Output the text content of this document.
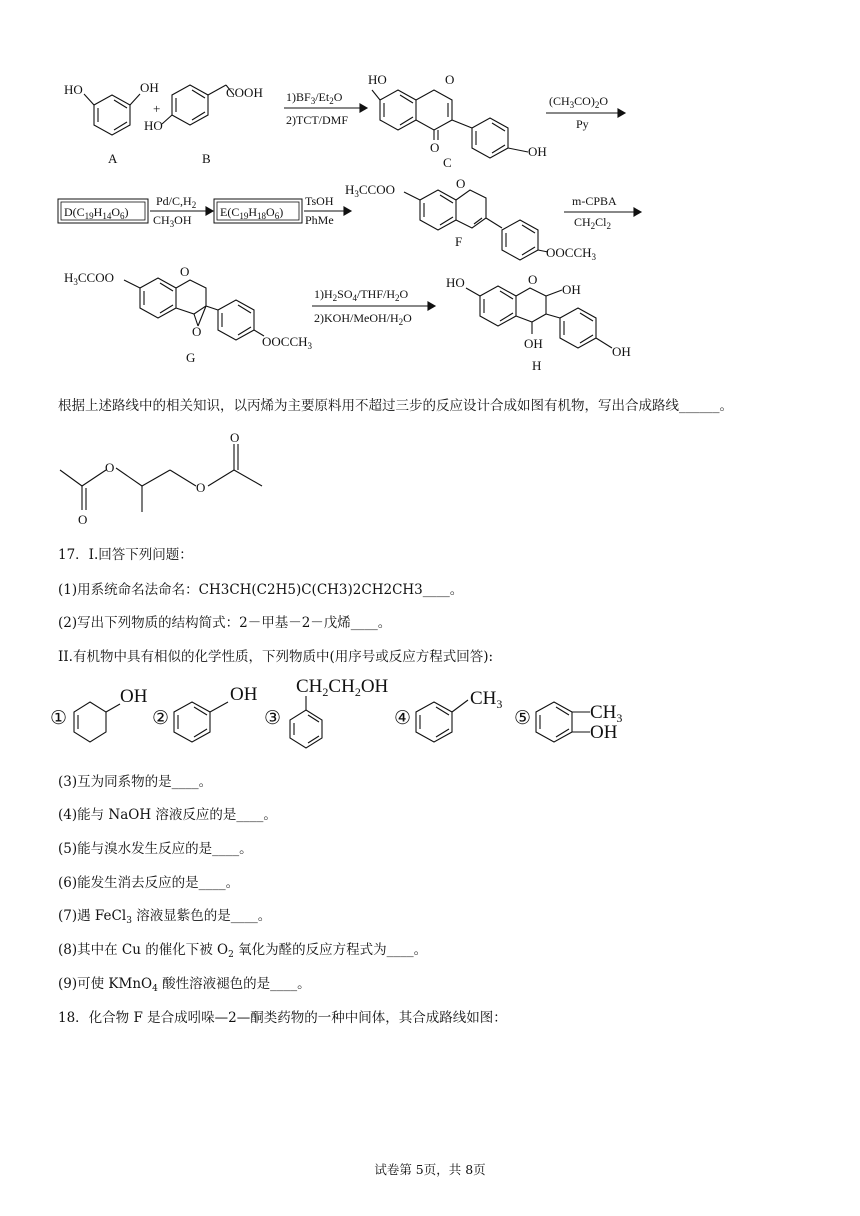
HO	OH
A
+
COOH
HO
B
$1)BF_3/Et_2O$
2)TCT/DMF
O
O
HO
OH
C
$(CH_3CO)_2O$
Py
$D(C_{19}H_{14}O_6)$
$Pd/C,H_2$
$CH_3OH$
$E(C_{19}H_{18}O_6)$
TsOH
PhMe
$H_3CCOO$	O
$OOCCH_3$
F
m-CPBA
$CH_2Cl_2$
$H_3CCOO$	O
O
$OOCCH_3$
G
$1)H_2SO_4/THF/H_2O$
$2)KOH/MeOH/H_2O$
HO	O
OH
OH
OH
H
根据上述路线中的相关知识，以丙烯为主要原料用不超过三步的反应设计合成如图有机物，写出合成路线______。
O
O
O
O
17．I.回答下列问题：
(1)用系统命名法命名：CH3CH(C2H5)C(CH3)2CH2CH3____。
(2)写出下列物质的结构简式：2－甲基－2－戊烯____。
II.有机物中具有相似的化学性质，下列物质中(用序号或反应方程式回答):
①
OH
②
OH
③
$CH_2CH_2OH$
④
$CH_3$
⑤	$CH_3$
OH
(3)互为同系物的是____。
(4)能与 NaOH 溶液反应的是____。
(5)能与溴水发生反应的是____。
(6)能发生消去反应的是____。
(7)遇 FeCl$_3$ 溶液显紫色的是____。
(8)其中在 Cu 的催化下被 $O_2$ 氧化为醛的反应方程式为____。
(9)可使 KMnO$_4$ 酸性溶液褪色的是____。
18．化合物 F 是合成吲哚—2—酮类药物的一种中间体，其合成路线如图：
试卷第 5页，共 8页
